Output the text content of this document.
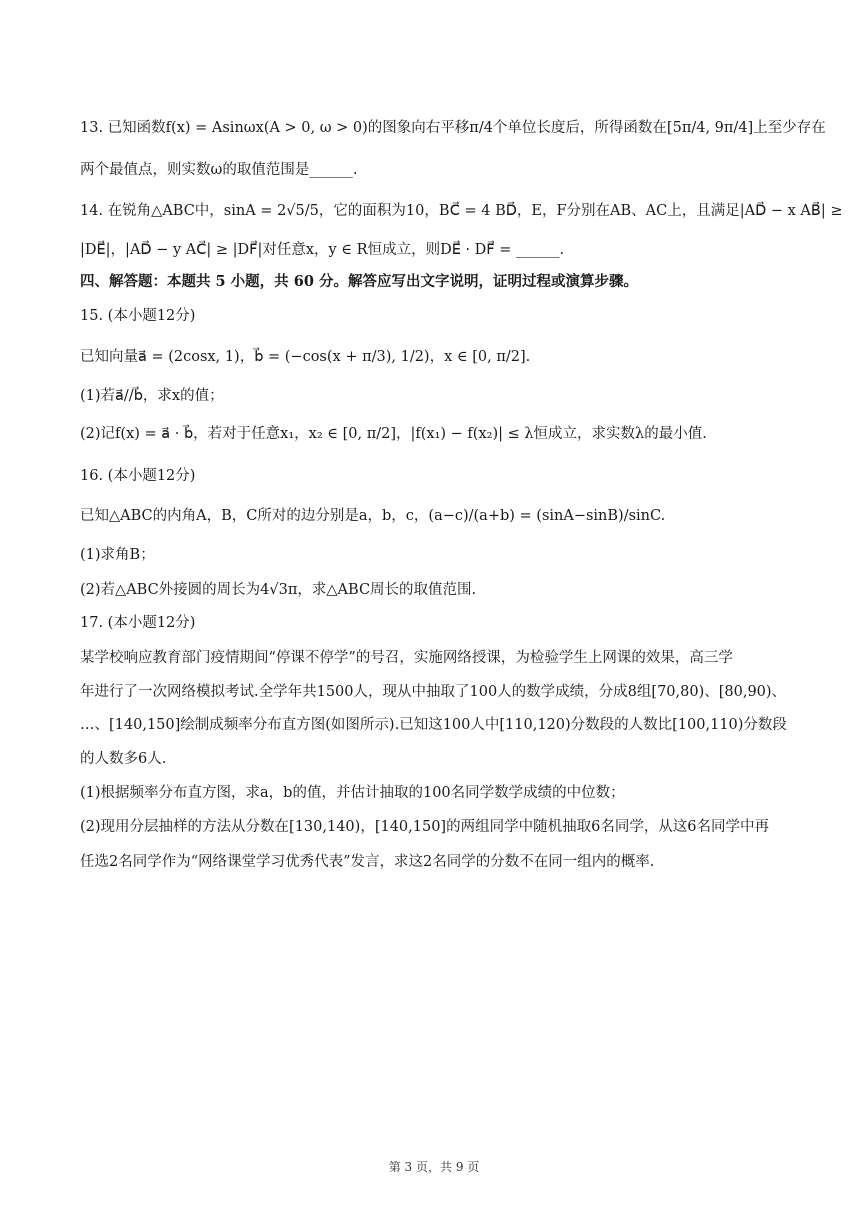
13. 已知函数f(x) = Asinωx(A > 0, ω > 0)的图象向右平移π/4个单位长度后，所得函数在[5π/4, 9π/4]上至少存在
两个最值点，则实数ω的取值范围是______.
14. 在锐角△ABC中，sinA = 2√5/5，它的面积为10，BC⃗ = 4 BD⃗，E，F分别在AB、AC上，且满足|AD⃗ − x AB⃗| ≥
|DE⃗|，|AD⃗ − y AC⃗| ≥ |DF⃗|对任意x，y ∈ R恒成立，则DE⃗ · DF⃗ = ______.
四、解答题：本题共 5 小题，共 60 分。解答应写出文字说明，证明过程或演算步骤。
15. (本小题12分)
已知向量a⃗ = (2cosx, 1)，b⃗ = (−cos(x + π/3), 1/2)，x ∈ [0, π/2].
(1)若a⃗//b⃗，求x的值；
(2)记f(x) = a⃗ · b⃗，若对于任意x₁，x₂ ∈ [0, π/2]，|f(x₁) − f(x₂)| ≤ λ恒成立，求实数λ的最小值.
16. (本小题12分)
已知△ABC的内角A，B，C所对的边分别是a，b，c，(a−c)/(a+b) = (sinA−sinB)/sinC.
(1)求角B；
(2)若△ABC外接圆的周长为4√3π，求△ABC周长的取值范围.
17. (本小题12分)
某学校响应教育部门疫情期间“停课不停学”的号召，实施网络授课，为检验学生上网课的效果，高三学
年进行了一次网络模拟考试.全学年共1500人，现从中抽取了100人的数学成绩，分成8组[70,80)、[80,90)、
…、[140,150]绘制成频率分布直方图(如图所示).已知这100人中[110,120)分数段的人数比[100,110)分数段
的人数多6人.
(1)根据频率分布直方图，求a，b的值，并估计抽取的100名同学数学成绩的中位数；
(2)现用分层抽样的方法从分数在[130,140)，[140,150]的两组同学中随机抽取6名同学，从这6名同学中再
任选2名同学作为“网络课堂学习优秀代表”发言，求这2名同学的分数不在同一组内的概率.
第 3 页，共 9 页
